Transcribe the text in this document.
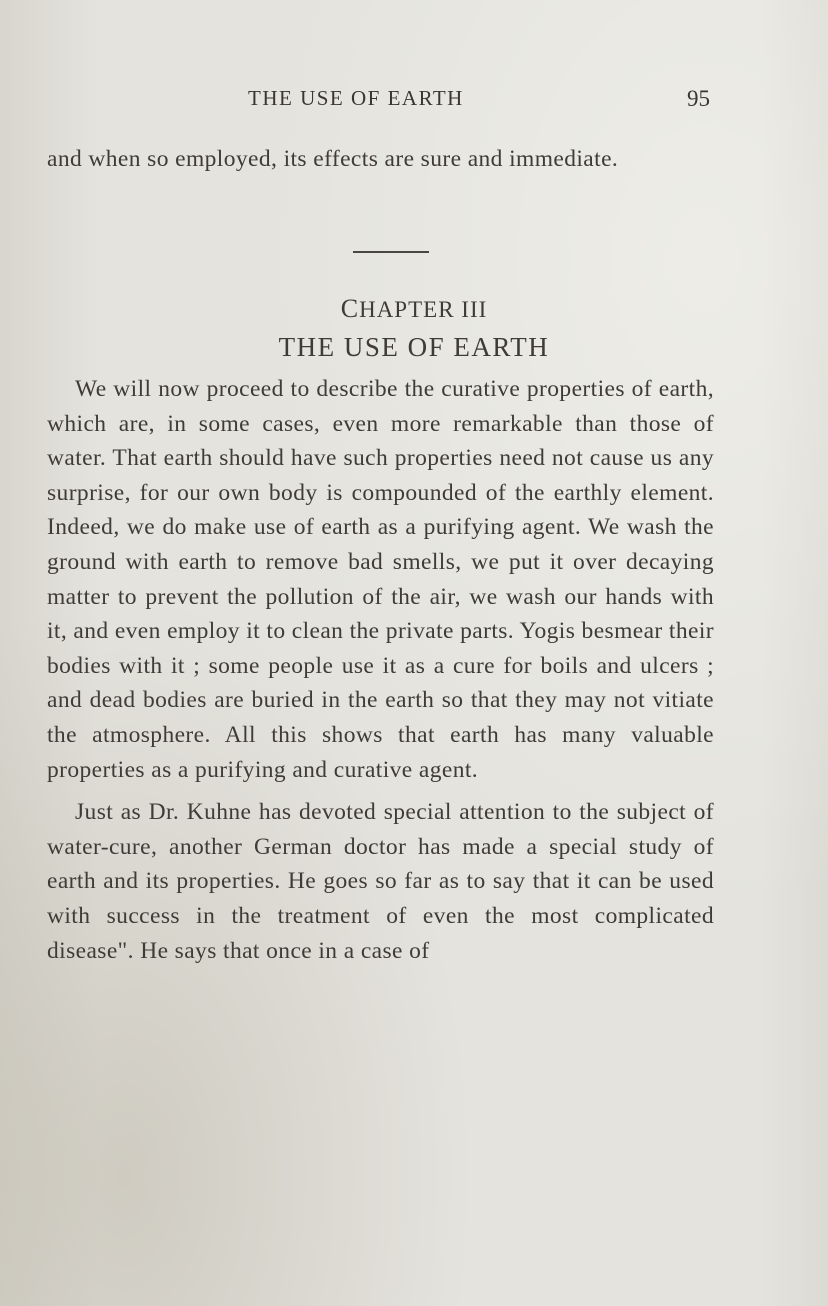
THE USE OF EARTH	95
and when so employed, its effects are sure and immediate.
CHAPTER III
THE USE OF EARTH

We will now proceed to describe the curative properties of earth, which are, in some cases, even more remarkable than those of water. That earth should have such properties need not cause us any surprise, for our own body is compounded of the earthly element. Indeed, we do make use of earth as a purifying agent. We wash the ground with earth to remove bad smells, we put it over decaying matter to prevent the pollution of the air, we wash our hands with it, and even employ it to clean the private parts. Yogis besmear their bodies with it ; some people use it as a cure for boils and ulcers ; and dead bodies are buried in the earth so that they may not vitiate the atmosphere. All this shows that earth has many valuable properties as a purifying and curative agent.

Just as Dr. Kuhne has devoted special attention to the subject of water-cure, another German doctor has made a special study of earth and its properties. He goes so far as to say that it can be used with success in the treatment of even the most complicated disease". He says that once in a case of
